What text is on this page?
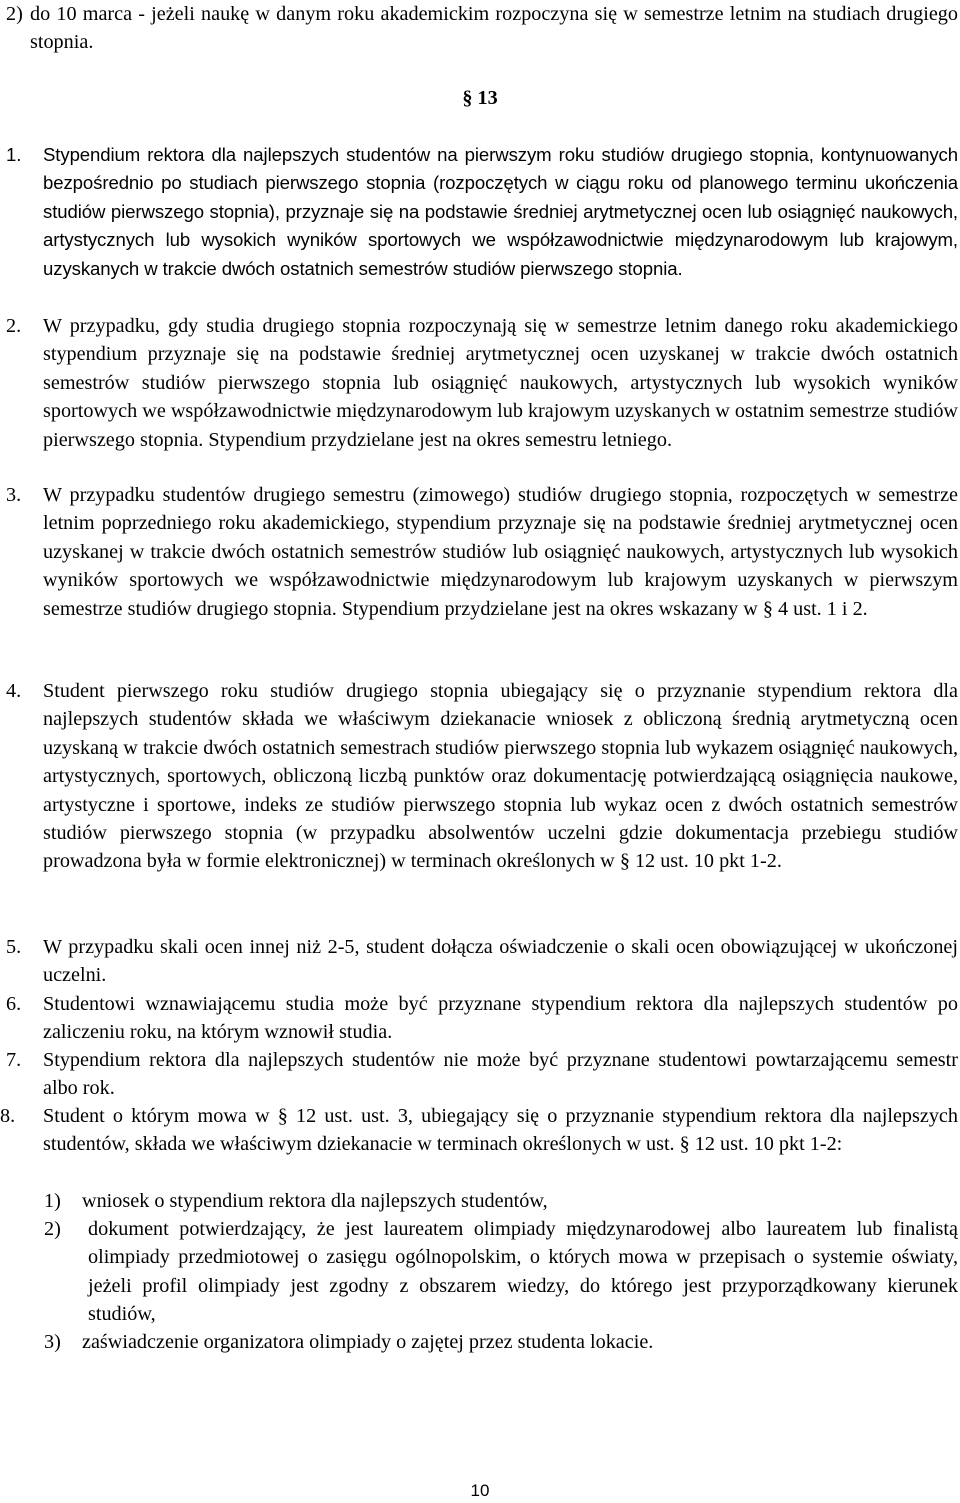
2) do 10 marca - jeżeli naukę w danym roku akademickim rozpoczyna się w semestrze letnim na studiach drugiego stopnia.
§ 13
1. Stypendium rektora dla najlepszych studentów na pierwszym roku studiów drugiego stopnia, kontynuowanych bezpośrednio po studiach pierwszego stopnia (rozpoczętych w ciągu roku od planowego terminu ukończenia studiów pierwszego stopnia), przyznaje się na podstawie średniej arytmetycznej ocen lub osiągnięć naukowych, artystycznych lub wysokich wyników sportowych we współzawodnictwie międzynarodowym lub krajowym, uzyskanych w trakcie dwóch ostatnich semestrów studiów pierwszego stopnia.
2. W przypadku, gdy studia drugiego stopnia rozpoczynają się w semestrze letnim danego roku akademickiego stypendium przyznaje się na podstawie średniej arytmetycznej ocen uzyskanej w trakcie dwóch ostatnich semestrów studiów pierwszego stopnia lub osiągnięć naukowych, artystycznych lub wysokich wyników sportowych we współzawodnictwie międzynarodowym lub krajowym uzyskanych w ostatnim semestrze studiów pierwszego stopnia. Stypendium przydzielane jest na okres semestru letniego.
3. W przypadku studentów drugiego semestru (zimowego) studiów drugiego stopnia, rozpoczętych w semestrze letnim poprzedniego roku akademickiego, stypendium przyznaje się na podstawie średniej arytmetycznej ocen uzyskanej w trakcie dwóch ostatnich semestrów studiów lub osiągnięć naukowych, artystycznych lub wysokich wyników sportowych we współzawodnictwie międzynarodowym lub krajowym uzyskanych w pierwszym semestrze studiów drugiego stopnia. Stypendium przydzielane jest na okres wskazany w § 4 ust. 1 i 2.
4. Student pierwszego roku studiów drugiego stopnia ubiegający się o przyznanie stypendium rektora dla najlepszych studentów składa we właściwym dziekanacie wniosek z obliczoną średnią arytmetyczną ocen uzyskaną w trakcie dwóch ostatnich semestrach studiów pierwszego stopnia lub wykazem osiągnięć naukowych, artystycznych, sportowych, obliczoną liczbą punktów oraz dokumentację potwierdzającą osiągnięcia naukowe, artystyczne i sportowe, indeks ze studiów pierwszego stopnia lub wykaz ocen z dwóch ostatnich semestrów studiów pierwszego stopnia (w przypadku absolwentów uczelni gdzie dokumentacja przebiegu studiów prowadzona była w formie elektronicznej) w terminach określonych w § 12 ust. 10 pkt 1-2.
5. W przypadku skali ocen innej niż 2-5, student dołącza oświadczenie o skali ocen obowiązującej w ukończonej uczelni.
6. Studentowi wznawiającemu studia może być przyznane stypendium rektora dla najlepszych studentów po zaliczeniu roku, na którym wznowił studia.
7. Stypendium rektora dla najlepszych studentów nie może być przyznane studentowi powtarzającemu semestr albo rok.
8. Student o którym mowa w § 12 ust. ust. 3, ubiegający się o przyznanie stypendium rektora dla najlepszych studentów, składa we właściwym dziekanacie w terminach określonych w ust. § 12 ust. 10 pkt 1-2:
1) wniosek o stypendium rektora dla najlepszych studentów,
2) dokument potwierdzający, że jest laureatem olimpiady międzynarodowej albo laureatem lub finalistą olimpiady przedmiotowej o zasięgu ogólnopolskim, o których mowa w przepisach o systemie oświaty, jeżeli profil olimpiady jest zgodny z obszarem wiedzy, do którego jest przyporządkowany kierunek studiów,
3) zaświadczenie organizatora olimpiady o zajętej przez studenta lokacie.
10
